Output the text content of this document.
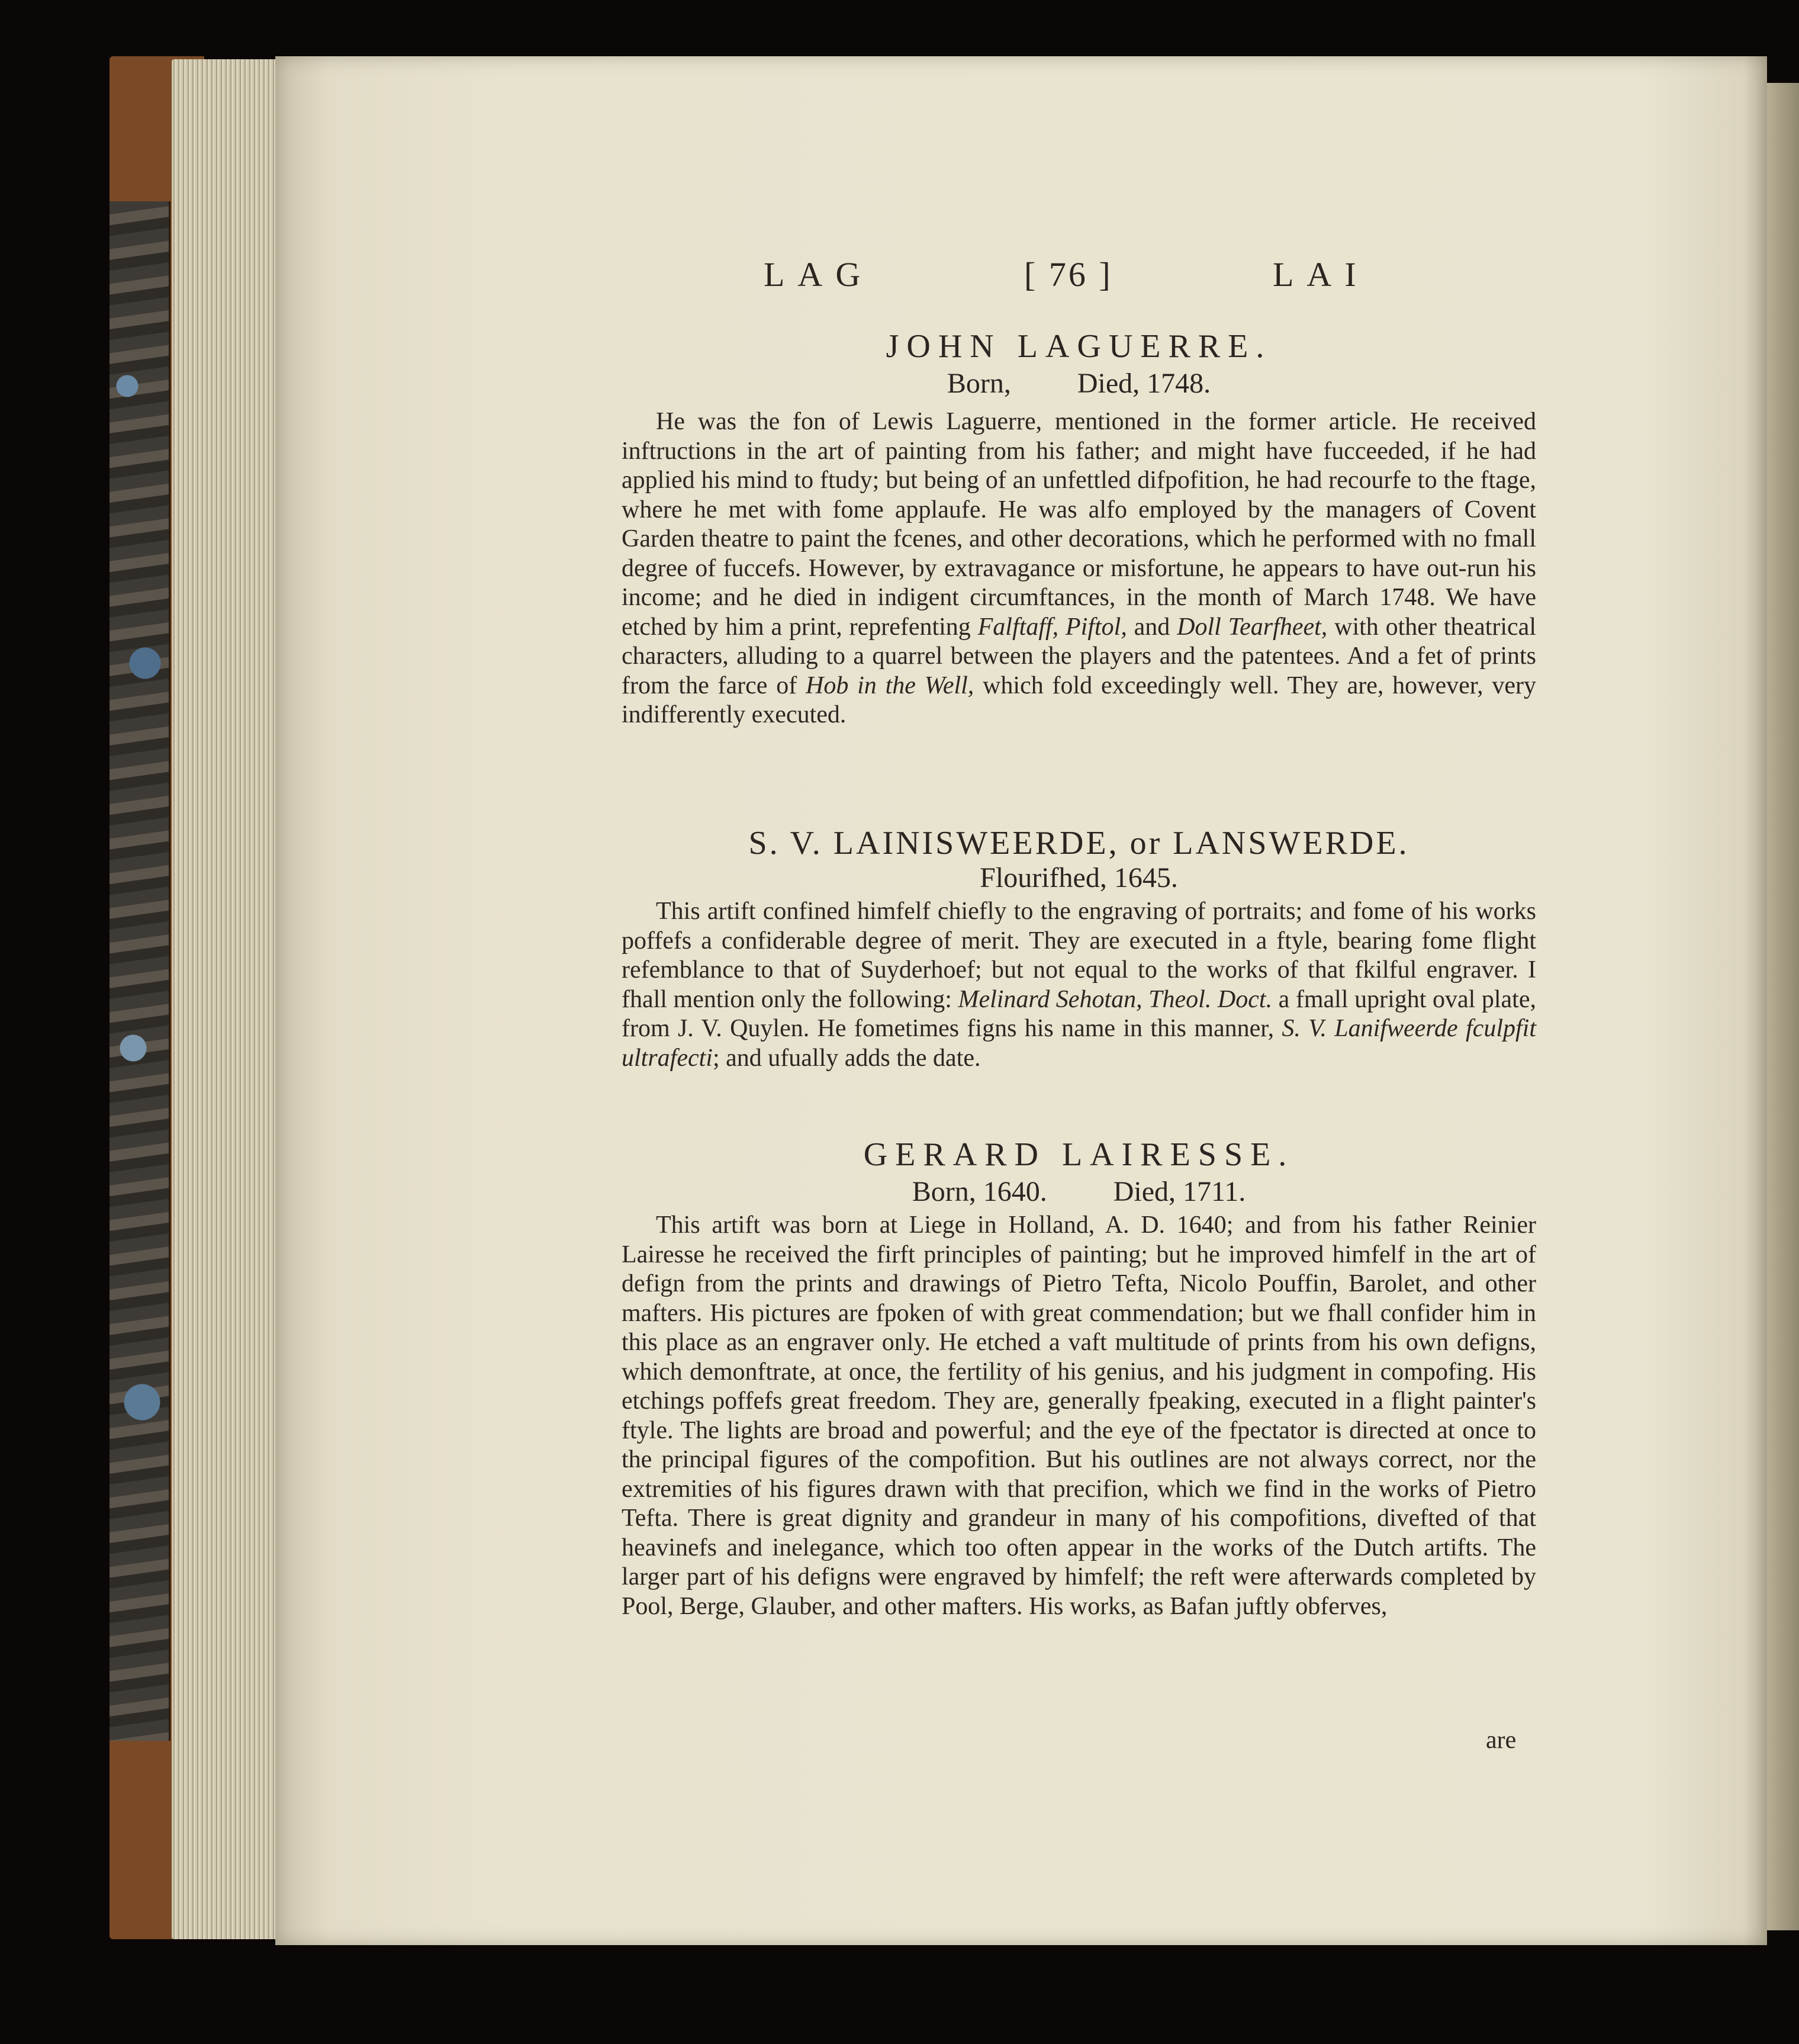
LAG	[ 76 ]	LAI
JOHN LAGUERRE.
Born, Died, 1748.
He was the fon of Lewis Laguerre, mentioned in the former article. He received inftructions in the art of painting from his father; and might have fucceeded, if he had applied his mind to ftudy; but being of an unfettled difpofition, he had recourfe to the ftage, where he met with fome applaufe. He was alfo employed by the managers of Covent Garden theatre to paint the fcenes, and other decorations, which he performed with no fmall degree of fuccefs. However, by extravagance or misfortune, he appears to have out-run his income; and he died in indigent circumftances, in the month of March 1748. We have etched by him a print, reprefenting Falftaff, Piftol, and Doll Tearfheet, with other theatrical characters, alluding to a quarrel between the players and the patentees. And a fet of prints from the farce of Hob in the Well, which fold exceedingly well. They are, however, very indifferently executed.
S. V. LAINISWEERDE, or LANSWERDE.
Flourifhed, 1645.
This artift confined himfelf chiefly to the engraving of portraits; and fome of his works poffefs a confiderable degree of merit. They are executed in a ftyle, bearing fome flight refemblance to that of Suyderhoef; but not equal to the works of that fkilful engraver. I fhall mention only the following: Melinard Sehotan, Theol. Doct. a fmall upright oval plate, from J. V. Quylen. He fometimes figns his name in this manner, S. V. Lanifweerde fculpfit ultrafecti; and ufually adds the date.
GERARD LAIRESSE.
Born, 1640. Died, 1711.
This artift was born at Liege in Holland, A. D. 1640; and from his father Reinier Lairesse he received the firft principles of painting; but he improved himfelf in the art of defign from the prints and drawings of Pietro Tefta, Nicolo Pouffin, Barolet, and other mafters. His pictures are fpoken of with great commendation; but we fhall confider him in this place as an engraver only. He etched a vaft multitude of prints from his own defigns, which demonftrate, at once, the fertility of his genius, and his judgment in compofing. His etchings poffefs great freedom. They are, generally fpeaking, executed in a flight painter's ftyle. The lights are broad and powerful; and the eye of the fpectator is directed at once to the principal figures of the compofition. But his outlines are not always correct, nor the extremities of his figures drawn with that precifion, which we find in the works of Pietro Tefta. There is great dignity and grandeur in many of his compofitions, divefted of that heavinefs and inelegance, which too often appear in the works of the Dutch artifts. The larger part of his defigns were engraved by himfelf; the reft were afterwards completed by Pool, Berge, Glauber, and other mafters. His works, as Bafan juftly obferves,
are
